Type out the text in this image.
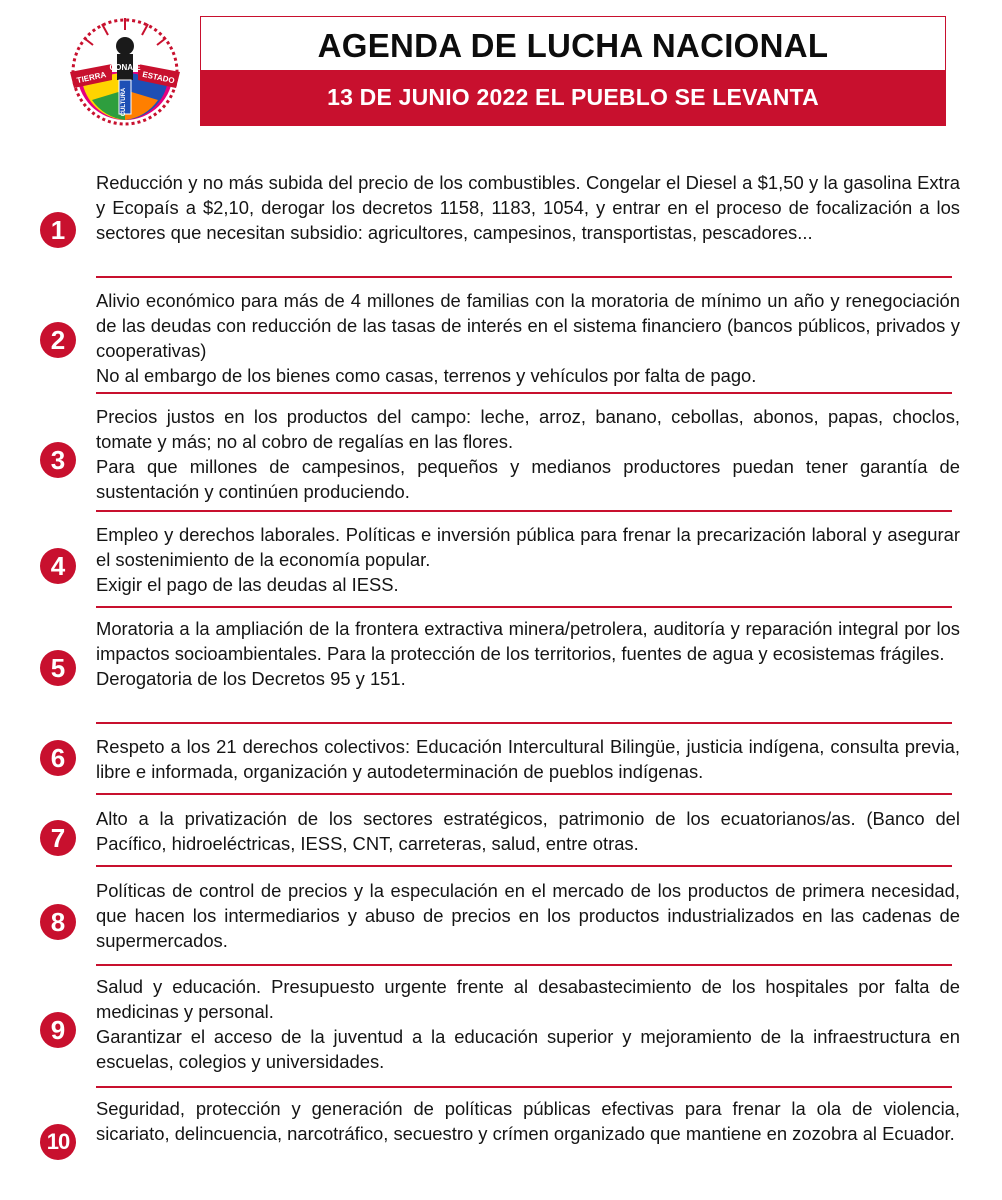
CONAIE
TIERRA	ESTADO
CULTURA
AGENDA DE LUCHA NACIONAL
13 DE JUNIO 2022 EL PUEBLO SE LEVANTA
1

Reducción y no más subida del precio de los combustibles. Congelar el Diesel a $1,50 y la gasolina Extra y Ecopaís a $2,10, derogar los decretos 1158, 1183, 1054, y entrar en el proceso de focalización a los sectores que necesitan subsidio: agricultores, campesinos, transportistas, pescadores...

2

Alivio económico para más de 4 millones de familias con la moratoria de mínimo un año y renegociación de las deudas con reducción de las tasas de interés en el sistema financiero (bancos públicos, privados y cooperativas)

No al embargo de los bienes como casas, terrenos y vehículos por falta de pago.

3

Precios justos en los productos del campo: leche, arroz, banano, cebollas, abonos, papas, choclos, tomate y más; no al cobro de regalías en las flores.

Para que millones de campesinos, pequeños y medianos productores puedan tener garantía de sustentación y continúen produciendo.

4

Empleo y derechos laborales. Políticas e inversión pública para frenar la precarización laboral y asegurar el sostenimiento de la economía popular.

Exigir el pago de las deudas al IESS.

5

Moratoria a la ampliación de la frontera extractiva minera/petrolera, auditoría y reparación integral por los impactos socioambientales. Para la protección de los territorios, fuentes de agua y ecosistemas frágiles.

Derogatoria de los Decretos 95 y 151.

6	Respeto a los 21 derechos colectivos: Educación Intercultural Bilingüe, justicia indígena, consulta previa, libre e informada, organización y autodeterminación de pueblos indígenas.

7

Alto a la privatización de los sectores estratégicos, patrimonio de los ecuatorianos/as. (Banco del Pacífico, hidroeléctricas, IESS, CNT, carreteras, salud, entre otras.

8

Políticas de control de precios y la especulación en el mercado de los productos de primera necesidad, que hacen los intermediarios y abuso de precios en los productos industrializados en las cadenas de supermercados.

9

Salud y educación. Presupuesto urgente frente al desabastecimiento de los hospitales por falta de medicinas y personal.

Garantizar el acceso de la juventud a la educación superior y mejoramiento de la infraestructura en escuelas, colegios y universidades.

10

Seguridad, protección y generación de políticas públicas efectivas para frenar la ola de violencia, sicariato, delincuencia, narcotráfico, secuestro y crímen organizado que mantiene en zozobra al Ecuador.
